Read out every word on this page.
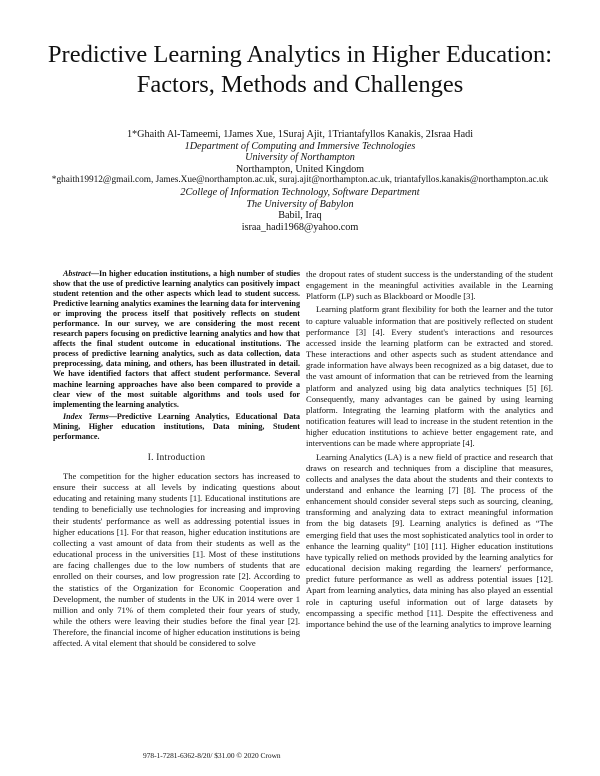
Predictive Learning Analytics in Higher Education:
Factors, Methods and Challenges
1*Ghaith Al-Tameemi, 1James Xue, 1Suraj Ajit, 1Triantafyllos Kanakis, 2Israa Hadi
1Department of Computing and Immersive Technologies
University of Northampton
Northampton, United Kingdom
*ghaith19912@gmail.com, James.Xue@northampton.ac.uk, suraj.ajit@northampton.ac.uk, triantafyllos.kanakis@northampton.ac.uk
2College of Information Technology, Software Department
The University of Babylon
Babil, Iraq
israa_hadi1968@yahoo.com

Abstract—In higher education institutions, a high number of studies show that the use of predictive learning analytics can positively impact student retention and the other aspects which lead to student success. Predictive learning analytics examines the learning data for intervening or improving the process itself that positively reflects on student performance. In our survey, we are considering the most recent research papers focusing on predictive learning analytics and how that affects the final student outcome in educational institutions. The process of predictive learning analytics, such as data collection, data preprocessing, data mining, and others, has been illustrated in detail. We have identified factors that affect student performance. Several machine learning approaches have also been compared to provide a clear view of the most suitable algorithms and tools used for implementing the learning analytics.

Index Terms—Predictive Learning Analytics, Educational Data Mining, Higher education institutions, Data mining, Student performance.

I. Introduction

The competition for the higher education sectors has increased to ensure their success at all levels by indicating questions about educating and retaining many students [1]. Educational institutions are tending to beneficially use technologies for increasing and improving their students' performance as well as addressing potential issues in higher educations [1]. For that reason, higher education institutions are collecting a vast amount of data from their students as well as the educational process in the universities [1]. Most of these institutions are facing challenges due to the low numbers of students that are enrolled on their courses, and low progression rate [2]. According to the statistics of the Organization for Economic Cooperation and Development, the number of students in the UK in 2014 were over 1 million and only 71% of them completed their four years of study, while the others were leaving their studies before the final year [2]. Therefore, the financial income of higher education institutions is being affected. A vital element that should be considered to solve

the dropout rates of student success is the understanding of the student engagement in the meaningful activities available in the Learning Platform (LP) such as Blackboard or Moodle [3].

Learning platform grant flexibility for both the learner and the tutor to capture valuable information that are positively reflected on student performance [3] [4]. Every student's interactions and resources accessed inside the learning platform can be extracted and stored. These interactions and other aspects such as student attendance and grade information have always been recognized as a big dataset, due to the vast amount of information that can be retrieved from the learning platform and analyzed using big data analytics techniques [5] [6]. Consequently, many advantages can be gained by using learning platform. Integrating the learning platform with the analytics and notification features will lead to increase in the student retention in the higher education institutions to achieve better engagement rate, and interventions can be made where appropriate [4].

Learning Analytics (LA) is a new field of practice and research that draws on research and techniques from a discipline that measures, collects and analyses the data about the students and their contexts to understand and enhance the learning [7] [8]. The process of the enhancement should consider several steps such as sourcing, cleaning, transforming and analyzing data to extract meaningful information from the big datasets [9]. Learning analytics is defined as “The emerging field that uses the most sophisticated analytics tool in order to enhance the learning quality” [10] [11]. Higher education institutions have typically relied on methods provided by the learning analytics for educational decision making regarding the learners' performance, predict future performance as well as address potential issues [12]. Apart from learning analytics, data mining has also played an essential role in capturing useful information out of large datasets by encompassing a specific method [11]. Despite the effectiveness and importance behind the use of the learning analytics to improve learning

978-1-7281-6362-8/20/ $31.00 © 2020 Crown
